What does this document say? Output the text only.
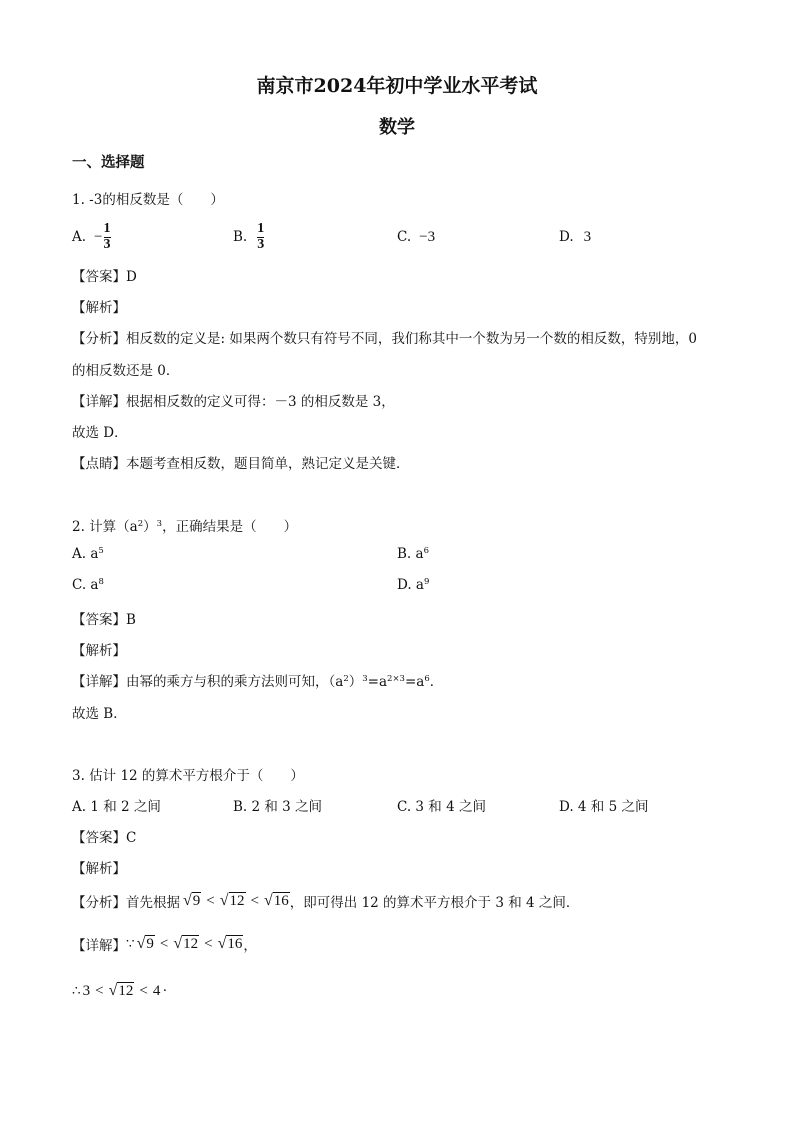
南京市2024年初中学业水平考试
数学
一、选择题
1. -3的相反数是（　　）
A. − $\frac{1}{3}$	B. $\frac{1}{3}$	C. −3	D. 3
【答案】D
【解析】
【分析】相反数的定义是: 如果两个数只有符号不同，我们称其中一个数为另一个数的相反数，特别地，0
的相反数还是 0．
【详解】根据相反数的定义可得：－3 的相反数是 3，
故选 D．
【点睛】本题考查相反数，题目简单，熟记定义是关键．
2. 计算$(a^2)^3$，正确结果是（　　）
A. $a^5$	B. $a^6$
C. $a^8$	D. $a^9$
【答案】B
【解析】
【详解】由幂的乘方与积的乘方法则可知，$(a^2)^3=a^{2\times 3}=a^6$．
故选 B．
3. 估计 12 的算术平方根介于（　　）
A. 1 和 2 之间	B. 2 和 3 之间	C. 3 和 4 之间	D. 4 和 5 之间
【答案】C
【解析】
【分析】 首先根据 √ 9 < √ 12 < √ 16 ，即可得出 12 的算术平方根介于 3 和 4 之间．
【详解】 ∵ √ 9 < √ 12 < √ 16 ，
∴ 3 < √ 12 < 4 ·
